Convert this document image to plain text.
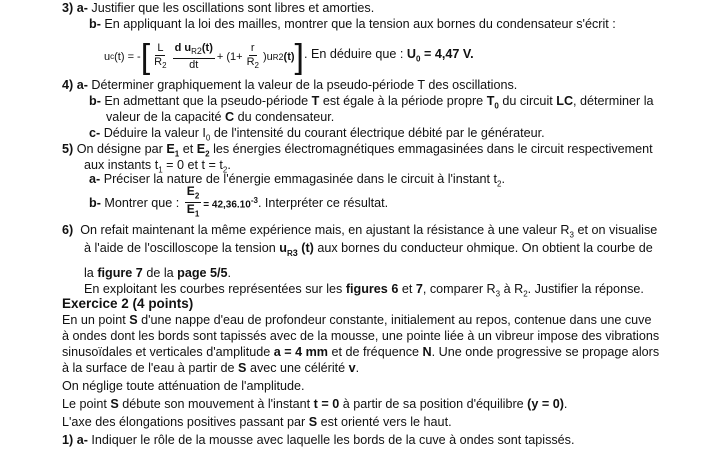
3) a- Justifier que les oscillations sont libres et amorties.
b- En appliquant la loi des mailles, montrer que la tension aux bornes du condensateur s'écrit :
u c (t) = - [ $\frac{L}{R_2} \frac{d u_{R2}(t)}{dt} + (1+ \frac{r}{R_2} )u$ R2 (t) ] . En déduire que : $U_0 = 4,47$ V.
4) a- Déterminer graphiquement la valeur de la pseudo-période T des oscillations.
b- En admettant que la pseudo-période T est égale à la période propre $T_0$ du circuit LC, déterminer la
valeur de la capacité C du condensateur.
c- Déduire la valeur $I_0$ de l'intensité du courant électrique débité par le générateur.
5) On désigne par $E_1$ et $E_2$ les énergies électromagnétiques emmagasinées dans le circuit respectivement
aux instants $t_1 = 0$ et $t = t_2$.
a- Préciser la nature de l'énergie emmagasinée dans le circuit à l'instant $t_2$.
b-
Montrer que :
$\frac{E_2}{E_1} = 42,36.10^{-3}$ . Interpréter ce résultat.
6) On refait maintenant la même expérience mais, en ajustant la résistance à une valeur $R_3$ et on visualise
à l'aide de l'oscilloscope la tension $u_{R3}$ (t) aux bornes du conducteur ohmique. On obtient la courbe de
la figure 7 de la page 5/5.
En exploitant les courbes représentées sur les figures 6 et 7, comparer $R_3$ à $R_2$. Justifier la réponse.
Exercice 2 (4 points)
En un point S d'une nappe d'eau de profondeur constante, initialement au repos, contenue dans une cuve
à ondes dont les bords sont tapissés avec de la mousse, une pointe liée à un vibreur impose des vibrations
sinusoïdales et verticales d'amplitude a = 4 mm et de fréquence N. Une onde progressive se propage alors
à la surface de l'eau à partir de S avec une célérité v.
On néglige toute atténuation de l'amplitude.
Le point S débute son mouvement à l'instant t = 0 à partir de sa position d'équilibre (y = 0).
L'axe des élongations positives passant par S est orienté vers le haut.
1) a- Indiquer le rôle de la mousse avec laquelle les bords de la cuve à ondes sont tapissés.
